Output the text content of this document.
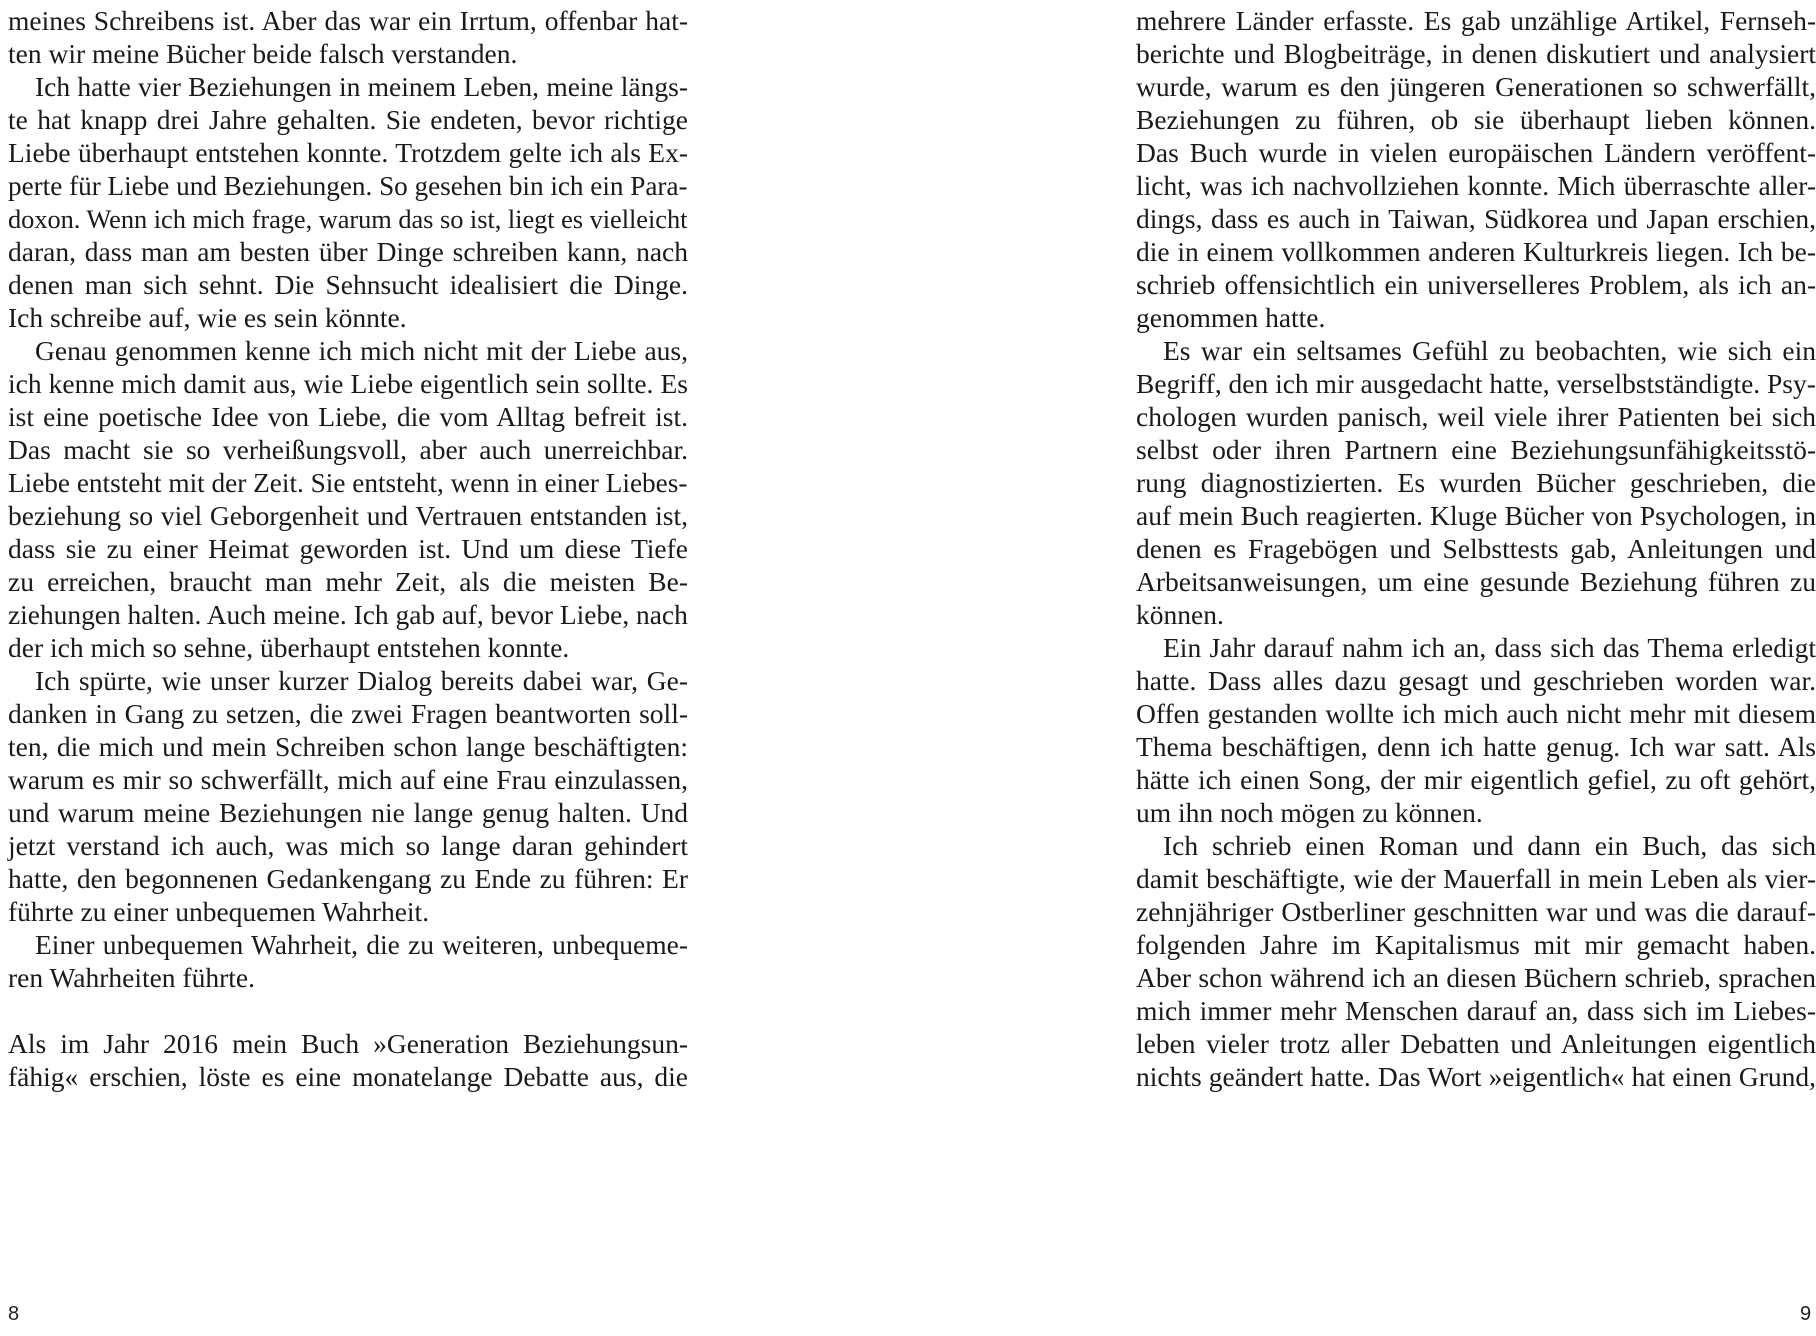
meines Schreibens ist. Aber das war ein Irrtum, offenbar hat-
ten wir meine Bücher beide falsch verstanden.
Ich hatte vier Beziehungen in meinem Leben, meine längs-
te hat knapp drei Jahre gehalten. Sie endeten, bevor richtige
Liebe überhaupt entstehen konnte. Trotzdem gelte ich als Ex-
perte für Liebe und Beziehungen. So gesehen bin ich ein Para-
doxon. Wenn ich mich frage, warum das so ist, liegt es vielleicht
daran, dass man am besten über Dinge schreiben kann, nach
denen man sich sehnt. Die Sehnsucht idealisiert die Dinge.
Ich schreibe auf, wie es sein könnte.
Genau genommen kenne ich mich nicht mit der Liebe aus,
ich kenne mich damit aus, wie Liebe eigentlich sein sollte. Es
ist eine poetische Idee von Liebe, die vom Alltag befreit ist.
Das macht sie so verheißungsvoll, aber auch unerreichbar.
Liebe entsteht mit der Zeit. Sie entsteht, wenn in einer Liebes-
beziehung so viel Geborgenheit und Vertrauen entstanden ist,
dass sie zu einer Heimat geworden ist. Und um diese Tiefe
zu erreichen, braucht man mehr Zeit, als die meisten Be-
ziehungen halten. Auch meine. Ich gab auf, bevor Liebe, nach
der ich mich so sehne, überhaupt entstehen konnte.
Ich spürte, wie unser kurzer Dialog bereits dabei war, Ge-
danken in Gang zu setzen, die zwei Fragen beantworten soll-
ten, die mich und mein Schreiben schon lange beschäftigten:
warum es mir so schwerfällt, mich auf eine Frau einzulassen,
und warum meine Beziehungen nie lange genug halten. Und
jetzt verstand ich auch, was mich so lange daran gehindert
hatte, den begonnenen Gedankengang zu Ende zu führen: Er
führte zu einer unbequemen Wahrheit.
Einer unbequemen Wahrheit, die zu weiteren, unbequeme-
ren Wahrheiten führte.
Als im Jahr 2016 mein Buch »Generation Beziehungsun-
fähig« erschien, löste es eine monatelange Debatte aus, die
8
mehrere Länder erfasste. Es gab unzählige Artikel, Fernseh-
berichte und Blogbeiträge, in denen diskutiert und analysiert
wurde, warum es den jüngeren Generationen so schwerfällt,
Beziehungen zu führen, ob sie überhaupt lieben können.
Das Buch wurde in vielen europäischen Ländern veröffent-
licht, was ich nachvollziehen konnte. Mich überraschte aller-
dings, dass es auch in Taiwan, Südkorea und Japan erschien,
die in einem vollkommen anderen Kulturkreis liegen. Ich be-
schrieb offensichtlich ein universelleres Problem, als ich an-
genommen hatte.
Es war ein seltsames Gefühl zu beobachten, wie sich ein
Begriff, den ich mir ausgedacht hatte, verselbstständigte. Psy-
chologen wurden panisch, weil viele ihrer Patienten bei sich
selbst oder ihren Partnern eine Beziehungsunfähigkeitsstö-
rung diagnostizierten. Es wurden Bücher geschrieben, die
auf mein Buch reagierten. Kluge Bücher von Psychologen, in
denen es Fragebögen und Selbsttests gab, Anleitungen und
Arbeitsanweisungen, um eine gesunde Beziehung führen zu
können.
Ein Jahr darauf nahm ich an, dass sich das Thema erledigt
hatte. Dass alles dazu gesagt und geschrieben worden war.
Offen gestanden wollte ich mich auch nicht mehr mit diesem
Thema beschäftigen, denn ich hatte genug. Ich war satt. Als
hätte ich einen Song, der mir eigentlich gefiel, zu oft gehört,
um ihn noch mögen zu können.
Ich schrieb einen Roman und dann ein Buch, das sich
damit beschäftigte, wie der Mauerfall in mein Leben als vier-
zehnjähriger Ostberliner geschnitten war und was die darauf-
folgenden Jahre im Kapitalismus mit mir gemacht haben.
Aber schon während ich an diesen Büchern schrieb, sprachen
mich immer mehr Menschen darauf an, dass sich im Liebes-
leben vieler trotz aller Debatten und Anleitungen eigentlich
nichts geändert hatte. Das Wort »eigentlich« hat einen Grund,
9
